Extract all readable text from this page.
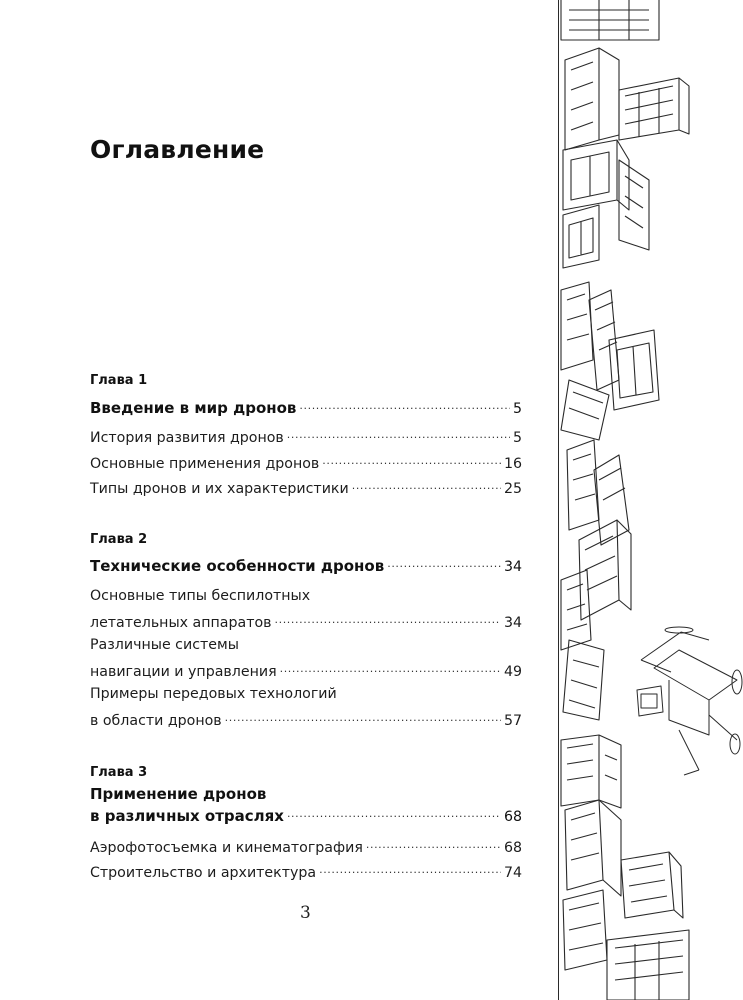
Оглавление
Глава 1
Введение в мир дронов .....	5
История развития дронов .....	5
Основные применения дронов .....	16
Типы дронов и их характеристики .....	25
Глава 2
Технические особенности дронов .....	34
Основные типы беспилотных
летательных аппаратов .....	34
Различные системы
навигации и управления .....	49
Примеры передовых технологий
в области дронов .....	57
Глава 3
Применение дронов
в различных отраслях .....	68
Аэрофотосъемка и кинематография .....	68
Строительство и архитектура .....	74
3
